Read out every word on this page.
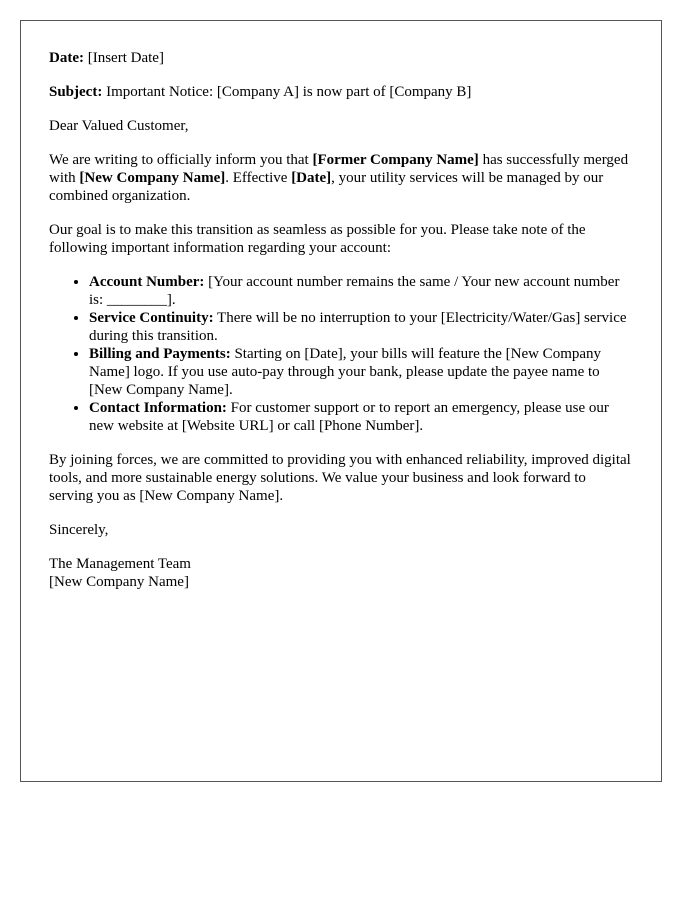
Date: [Insert Date]

Subject: Important Notice: [Company A] is now part of [Company B]

Dear Valued Customer,

We are writing to officially inform you that [Former Company Name] has successfully merged with [New Company Name]. Effective [Date], your utility services will be managed by our combined organization.

Our goal is to make this transition as seamless as possible for you. Please take note of the following important information regarding your account:

• Account Number: [Your account number remains the same / Your new account number is: ________].
• Service Continuity: There will be no interruption to your [Electricity/Water/Gas] service during this transition.
• Billing and Payments: Starting on [Date], your bills will feature the [New Company Name] logo. If you use auto-pay through your bank, please update the payee name to [New Company Name].
• Contact Information: For customer support or to report an emergency, please use our new website at [Website URL] or call [Phone Number].

By joining forces, we are committed to providing you with enhanced reliability, improved digital tools, and more sustainable energy solutions. We value your business and look forward to serving you as [New Company Name].

Sincerely,

The Management Team

[New Company Name]
